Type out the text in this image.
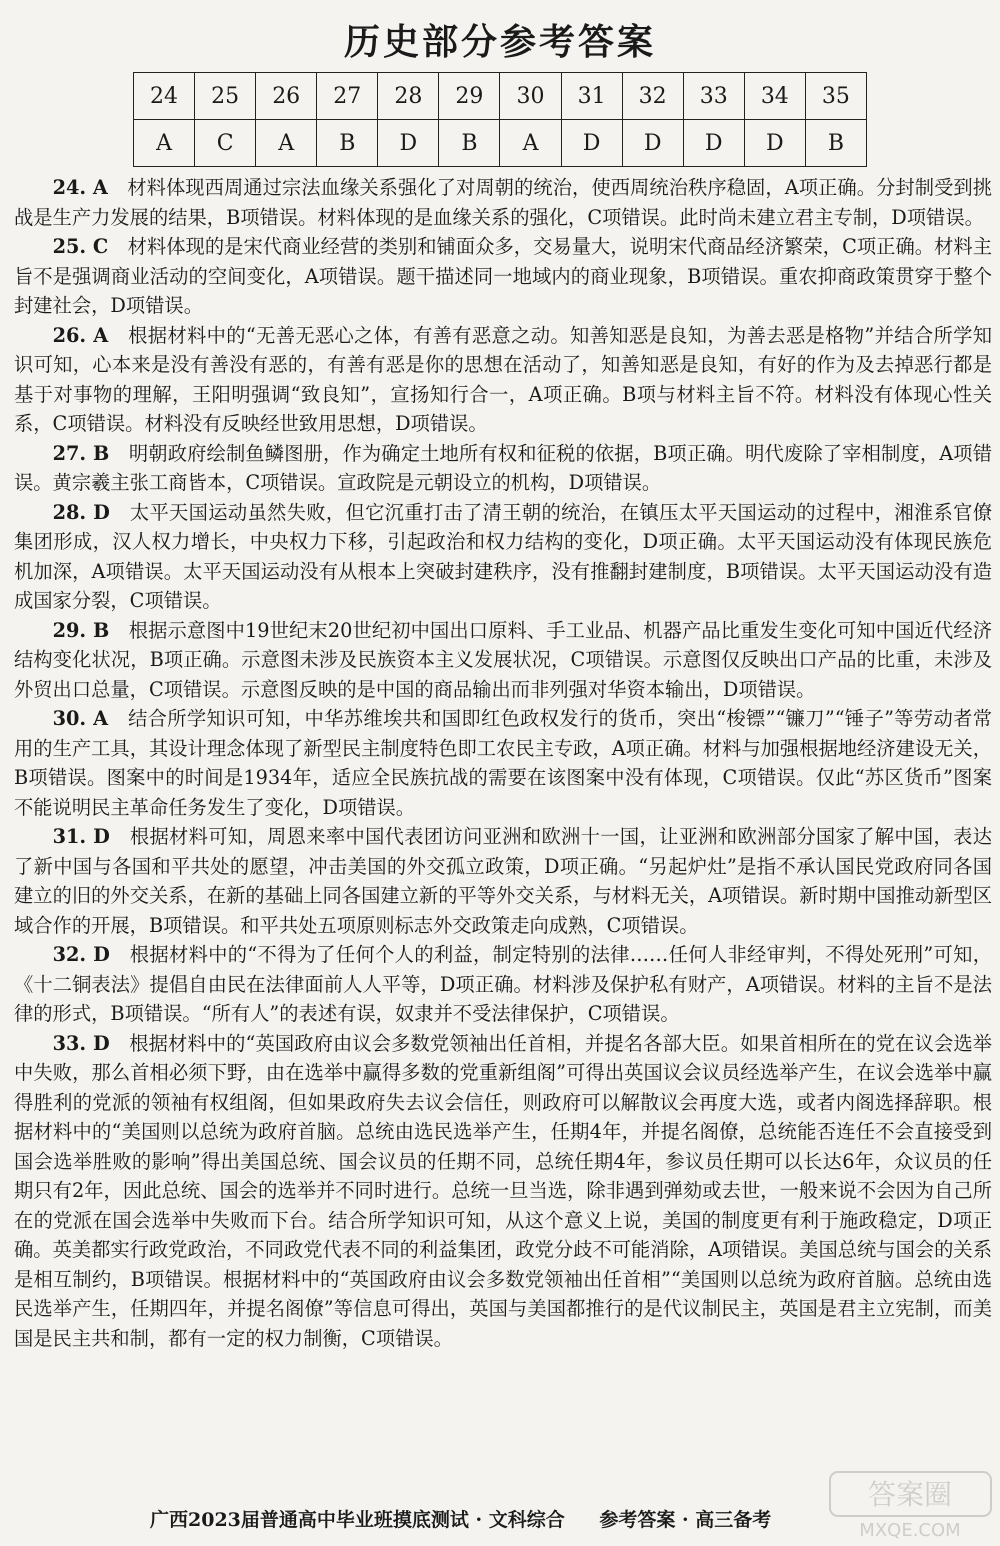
历史部分参考答案
24	25	26	27	28	29	30	31	32	33	34	35
A	C	A	B	D	B	A	D	D	D	D	B

24. A　 材料体现西周通过宗法血缘关系强化了对周朝的统治，使西周统治秩序稳固，A项正确。分封制受到挑战是生产力发展的结果，B项错误。材料体现的是血缘关系的强化，C项错误。此时尚未建立君主专制，D项错误。

25. C　 材料体现的是宋代商业经营的类别和铺面众多，交易量大，说明宋代商品经济繁荣，C项正确。材料主旨不是强调商业活动的空间变化，A项错误。题干描述同一地域内的商业现象，B项错误。重农抑商政策贯穿于整个封建社会，D项错误。

26. A　 根据材料中的“无善无恶心之体，有善有恶意之动。知善知恶是良知，为善去恶是格物”并结合所学知识可知，心本来是没有善没有恶的，有善有恶是你的思想在活动了，知善知恶是良知，有好的作为及去掉恶行都是基于对事物的理解，王阳明强调“致良知”，宣扬知行合一，A项正确。B项与材料主旨不符。材料没有体现心性关系，C项错误。材料没有反映经世致用思想，D项错误。

27. B　 明朝政府绘制鱼鳞图册，作为确定土地所有权和征税的依据，B项正确。明代废除了宰相制度，A项错误。黄宗羲主张工商皆本，C项错误。宣政院是元朝设立的机构，D项错误。

28. D　 太平天国运动虽然失败，但它沉重打击了清王朝的统治，在镇压太平天国运动的过程中，湘淮系官僚集团形成，汉人权力增长，中央权力下移，引起政治和权力结构的变化，D项正确。太平天国运动没有体现民族危机加深，A项错误。太平天国运动没有从根本上突破封建秩序，没有推翻封建制度，B项错误。太平天国运动没有造成国家分裂，C项错误。

29. B　 根据示意图中19世纪末20世纪初中国出口原料、手工业品、机器产品比重发生变化可知中国近代经济结构变化状况，B项正确。示意图未涉及民族资本主义发展状况，C项错误。示意图仅反映出口产品的比重，未涉及外贸出口总量，C项错误。示意图反映的是中国的商品输出而非列强对华资本输出，D项错误。

30. A　 结合所学知识可知，中华苏维埃共和国即红色政权发行的货币，突出“梭镖”“镰刀”“锤子”等劳动者常用的生产工具，其设计理念体现了新型民主制度特色即工农民主专政，A项正确。材料与加强根据地经济建设无关，B项错误。图案中的时间是1934年，适应全民族抗战的需要在该图案中没有体现，C项错误。仅此“苏区货币”图案不能说明民主革命任务发生了变化，D项错误。

31. D　 根据材料可知，周恩来率中国代表团访问亚洲和欧洲十一国，让亚洲和欧洲部分国家了解中国，表达了新中国与各国和平共处的愿望，冲击美国的外交孤立政策，D项正确。“另起炉灶”是指不承认国民党政府同各国建立的旧的外交关系，在新的基础上同各国建立新的平等外交关系，与材料无关，A项错误。新时期中国推动新型区域合作的开展，B项错误。和平共处五项原则标志外交政策走向成熟，C项错误。

32. D　 根据材料中的“不得为了任何个人的利益，制定特别的法律……任何人非经审判，不得处死刑”可知，《十二铜表法》提倡自由民在法律面前人人平等，D项正确。材料涉及保护私有财产，A项错误。材料的主旨不是法律的形式，B项错误。“所有人”的表述有误，奴隶并不受法律保护，C项错误。

33. D　 根据材料中的“英国政府由议会多数党领袖出任首相，并提名各部大臣。如果首相所在的党在议会选举中失败，那么首相必须下野，由在选举中赢得多数的党重新组阁”可得出英国议会议员经选举产生，在议会选举中赢得胜利的党派的领袖有权组阁，但如果政府失去议会信任，则政府可以解散议会再度大选，或者内阁选择辞职。根据材料中的“美国则以总统为政府首脑。总统由选民选举产生，任期4年，并提名阁僚，总统能否连任不会直接受到国会选举胜败的影响”得出美国总统、国会议员的任期不同，总统任期4年，参议员任期可以长达6年，众议员的任期只有2年，因此总统、国会的选举并不同时进行。总统一旦当选，除非遇到弹劾或去世，一般来说不会因为自己所在的党派在国会选举中失败而下台。结合所学知识可知，从这个意义上说，美国的制度更有利于施政稳定，D项正确。英美都实行政党政治，不同政党代表不同的利益集团，政党分歧不可能消除，A项错误。美国总统与国会的关系是相互制约，B项错误。根据材料中的“英国政府由议会多数党领袖出任首相”“美国则以总统为政府首脑。总统由选民选举产生，任期四年，并提名阁僚”等信息可得出，英国与美国都推行的是代议制民主，英国是君主立宪制，而美国是民主共和制，都有一定的权力制衡，C项错误。

广西2023届普通高中毕业班摸底测试 · 文科综合 参考答案 · 高三备考
答案圈
MXQE.COM
